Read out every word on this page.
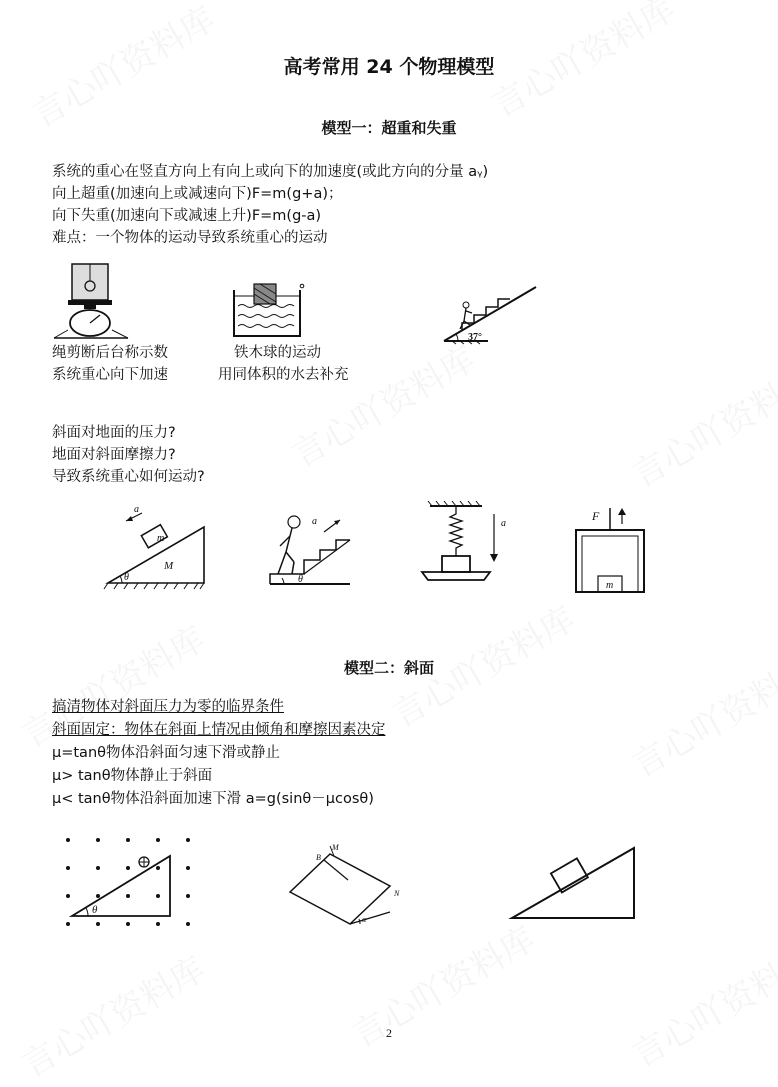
高考常用 24 个物理模型
模型一：超重和失重
系统的重心在竖直方向上有向上或向下的加速度(或此方向的分量 aᵧ)
向上超重(加速向上或减速向下)F=m(g+a)；
向下失重(加速向下或减速上升)F=m(g-a)
难点：一个物体的运动导致系统重心的运动
绳剪断后台称示数
系统重心向下加速
铁木球的运动
用同体积的水去补充
37°
斜面对地面的压力?
地面对斜面摩擦力?
导致系统重心如何运动?
a
m
M
θ
a
θ
a
F
m
模型二：斜面
搞清物体对斜面压力为零的临界条件
斜面固定：物体在斜面上情况由倾角和摩擦因素决定
μ=tanθ物体沿斜面匀速下滑或静止
μ> tanθ物体静止于斜面
μ< tanθ物体沿斜面加速下滑 a=g(sinθ－μcosθ)
θ
B
M
N
α
2
